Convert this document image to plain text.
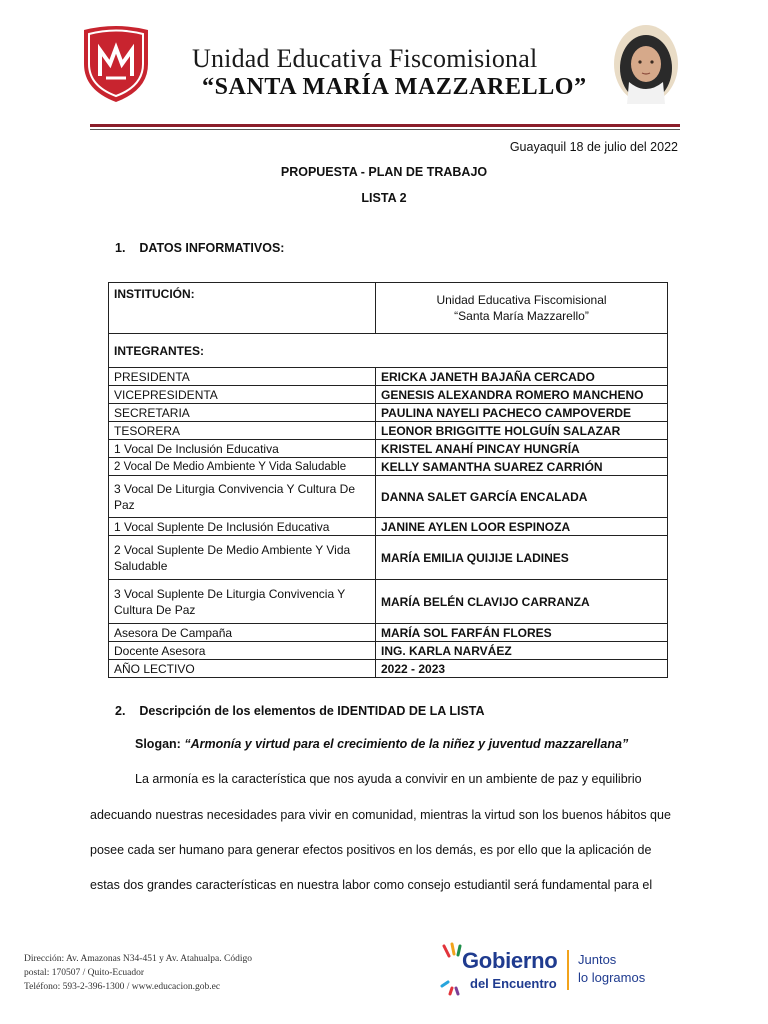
Unidad Educativa Fiscomisional
“SANTA MARÍA MAZZARELLO”
Guayaquil 18 de julio del 2022
PROPUESTA - PLAN DE TRABAJO
LISTA 2
1.    DATOS INFORMATIVOS:
INSTITUCIÓN:	Unidad Educativa Fiscomisional
“Santa María Mazzarello”

INTEGRANTES:	
PRESIDENTA	ERICKA JANETH BAJAÑA CERCADO
VICEPRESIDENTA	GENESIS ALEXANDRA ROMERO MANCHENO
SECRETARIA	PAULINA NAYELI PACHECO CAMPOVERDE
TESORERA	LEONOR BRIGGITTE HOLGUÍN SALAZAR
1 Vocal De Inclusión Educativa	KRISTEL ANAHÍ PINCAY HUNGRÍA
2 Vocal De Medio Ambiente Y Vida Saludable	KELLY SAMANTHA SUAREZ CARRIÓN
3 Vocal De Liturgia Convivencia Y Cultura De Paz	DANNA SALET GARCÍA ENCALADA
1 Vocal Suplente De Inclusión Educativa	JANINE AYLEN LOOR ESPINOZA
2 Vocal Suplente De Medio Ambiente Y Vida Saludable	MARÍA EMILIA QUIJIJE LADINES
3 Vocal Suplente De Liturgia Convivencia Y Cultura De Paz	MARÍA BELÉN CLAVIJO CARRANZA
Asesora De Campaña	MARÍA SOL FARFÁN FLORES
Docente Asesora	ING. KARLA NARVÁEZ
AÑO LECTIVO	2022 - 2023
2.    Descripción de los elementos de IDENTIDAD DE LA LISTA
Slogan: “Armonía y virtud para el crecimiento de la niñez y juventud mazzarellana”
La armonía es la característica que nos ayuda a convivir en un ambiente de paz y equilibrio
adecuando nuestras necesidades para vivir en comunidad, mientras la virtud son los buenos hábitos que
posee cada ser humano para generar efectos positivos en los demás, es por ello que la aplicación de
estas dos grandes características en nuestra labor como consejo estudiantil será fundamental para el
Dirección: Av. Amazonas N34-451 y Av. Atahualpa. Código
postal: 170507 / Quito-Ecuador
Teléfono: 593-2-396-1300 / www.educacion.gob.ec
Gobierno
del Encuentro
Juntos
lo logramos
